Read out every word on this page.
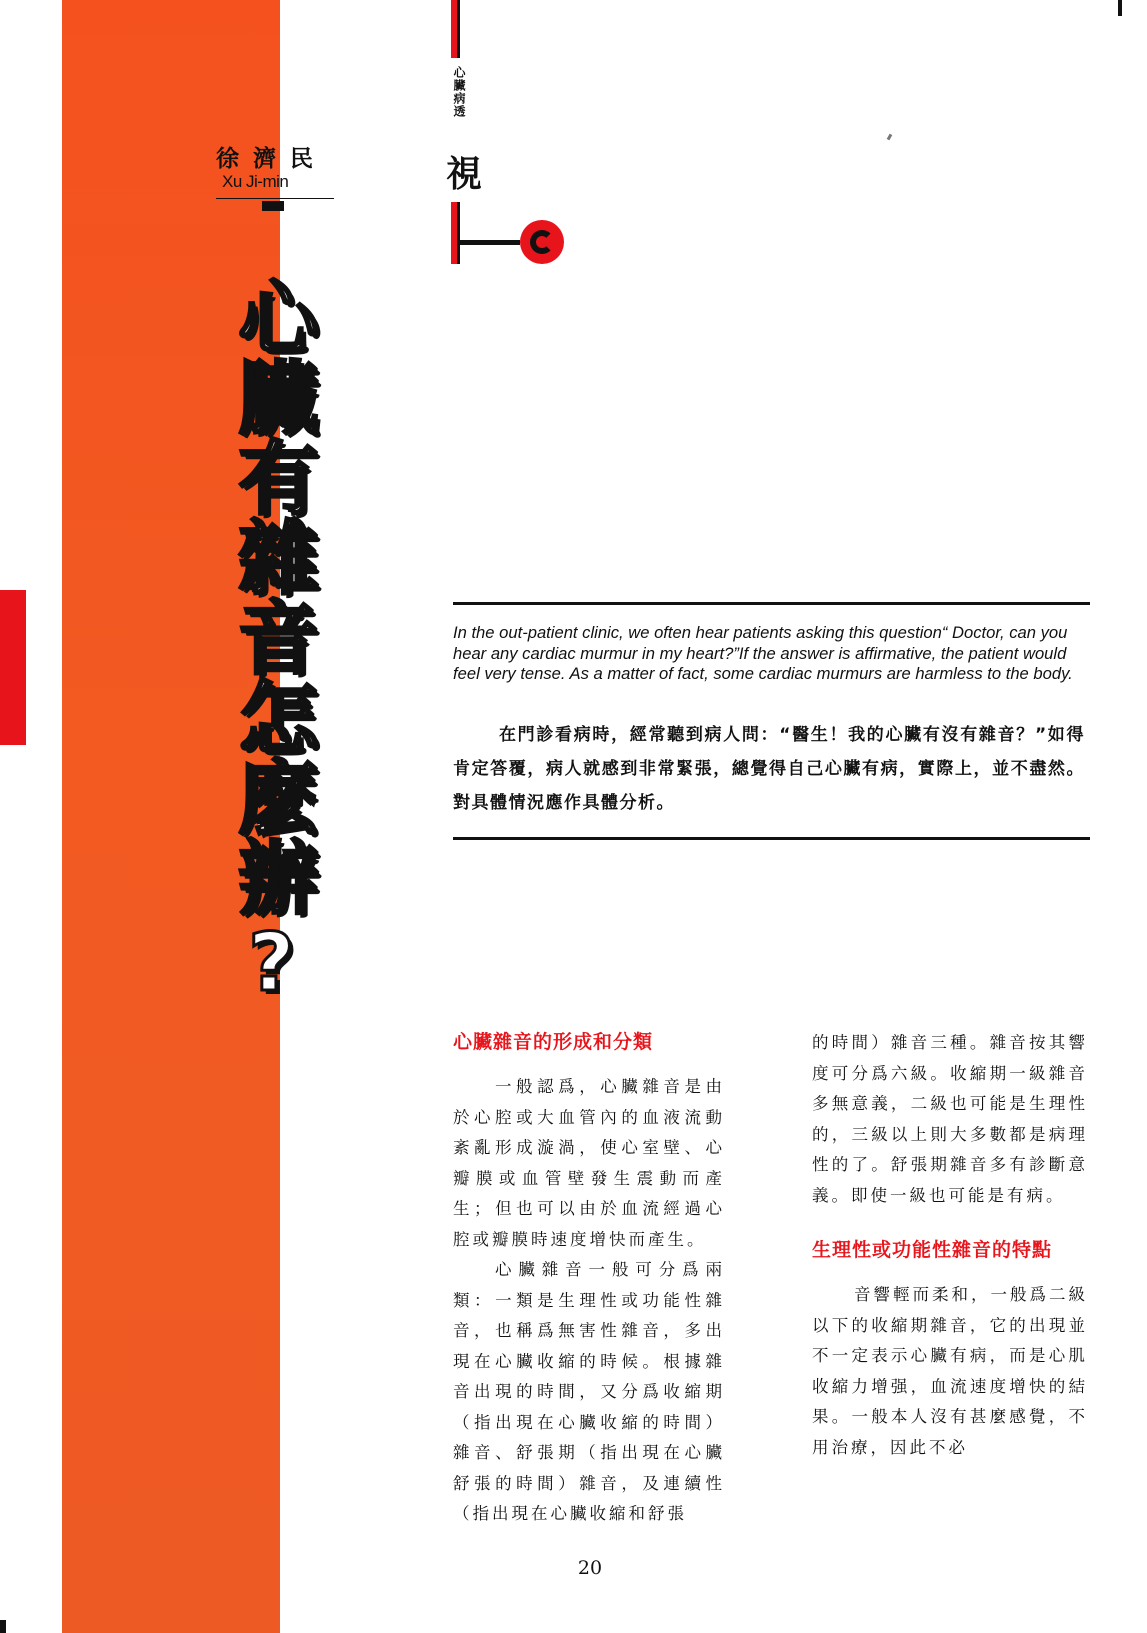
徐濟民
Xu Ji-min
心臟有雜音怎麽辦?
心臟病透
視
In the out-patient clinic, we often hear patients asking this question“ Doctor, can you hear any cardiac murmur in my heart?”If the answer is affirmative, the patient would feel very tense. As a matter of fact, some cardiac murmurs are harmless to the body.
在門診看病時，經常聽到病人問：“醫生！我的心臟有沒有雜音？”如得肯定答覆，病人就感到非常緊張，總覺得自己心臟有病，實際上，並不盡然。對具體情況應作具體分析。
心臟雜音的形成和分類

一般認爲，心臟雜音是由於心腔或大血管內的血液流動紊亂形成漩渦，使心室壁、心瓣膜或血管壁發生震動而產生；但也可以由於血流經過心腔或瓣膜時速度增快而產生。

心臟雜音一般可分爲兩類：一類是生理性或功能性雜音，也稱爲無害性雜音，多出現在心臟收縮的時候。根據雜音出現的時間，又分爲收縮期（指出現在心臟收縮的時間）雜音、舒張期（指出現在心臟舒張的時間）雜音，及連續性（指出現在心臟收縮和舒張

的時間）雜音三種。雜音按其響度可分爲六級。收縮期一級雜音多無意義，二級也可能是生理性的，三級以上則大多數都是病理性的了。舒張期雜音多有診斷意義。即使一級也可能是有病。

生理性或功能性雜音的特點

音響輕而柔和，一般爲二級以下的收縮期雜音，它的出現並不一定表示心臟有病，而是心肌收縮力增强，血流速度增快的結果。一般本人沒有甚麼感覺，不用治療，因此不必

20
